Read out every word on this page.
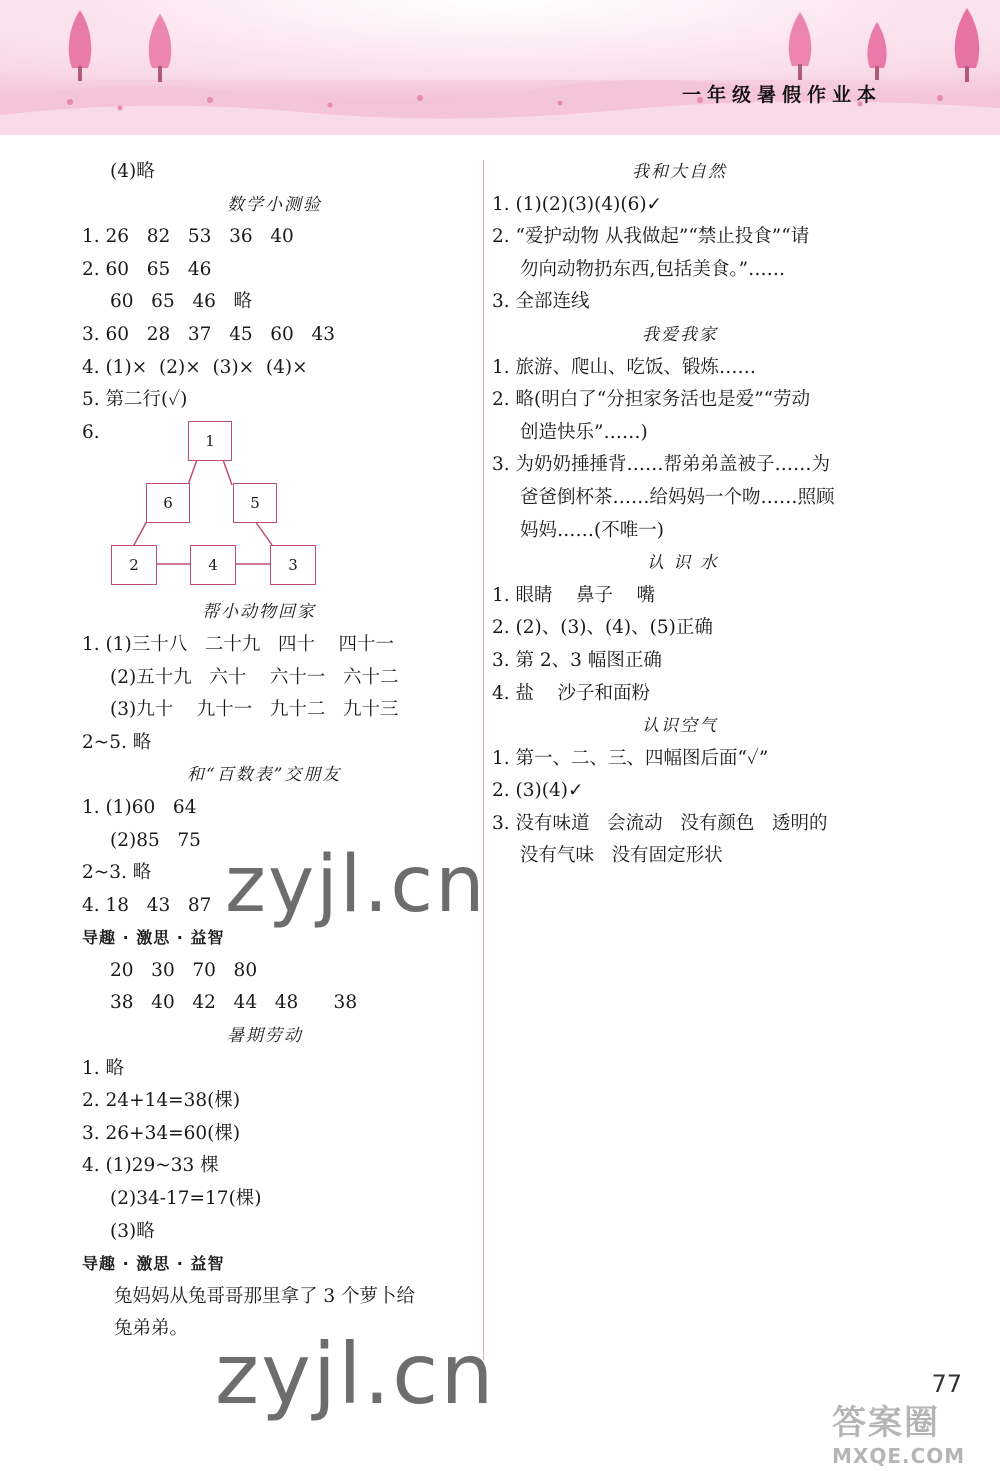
一年级暑假作业本
(4)略
数学小测验
1. 26   82   53   36   40
2. 60   65   46
60   65   46   略
3. 60   28   37   45   60   43
4. (1)×  (2)×  (3)×  (4)×
5. 第二行(✓)
6.	1
6	5
2	4	3
帮小动物回家
1. (1)三十八   二十九   四十    四十一
(2)五十九   六十    六十一   六十二
(3)九十    九十一   九十二   九十三
2~5. 略
和“百数表”交朋友
1. (1)60   64
(2)85   75
2~3. 略
4. 18   43   87
导趣 · 激思 · 益智
20   30   70   80
38   40   42   44   48      38
暑期劳动
1. 略
2. 24+14=38(棵)
3. 26+34=60(棵)
4. (1)29~33 棵
(2)34-17=17(棵)
(3)略
导趣 · 激思 · 益智
兔妈妈从兔哥哥那里拿了 3 个萝卜给
兔弟弟。
我和大自然
1. (1)(2)(3)(4)(6)✓
2. “爱护动物 从我做起”“禁止投食”“请
勿向动物扔东西,包括美食。”……
3. 全部连线
我爱我家
1. 旅游、爬山、吃饭、锻炼……
2. 略(明白了“分担家务活也是爱”“劳动
创造快乐”……)
3. 为奶奶捶捶背……帮弟弟盖被子……为
爸爸倒杯茶……给妈妈一个吻……照顾
妈妈……(不唯一)
认 识 水
1. 眼睛    鼻子    嘴
2. (2)、(3)、(4)、(5)正确
3. 第 2、3 幅图正确
4. 盐    沙子和面粉
认识空气
1. 第一、二、三、四幅图后面“✓”
2. (3)(4)✓
3. 没有味道   会流动   没有颜色   透明的
没有气味   没有固定形状
zyjl.cn
zyjl.cn	77
答案圈
MXQE.COM
